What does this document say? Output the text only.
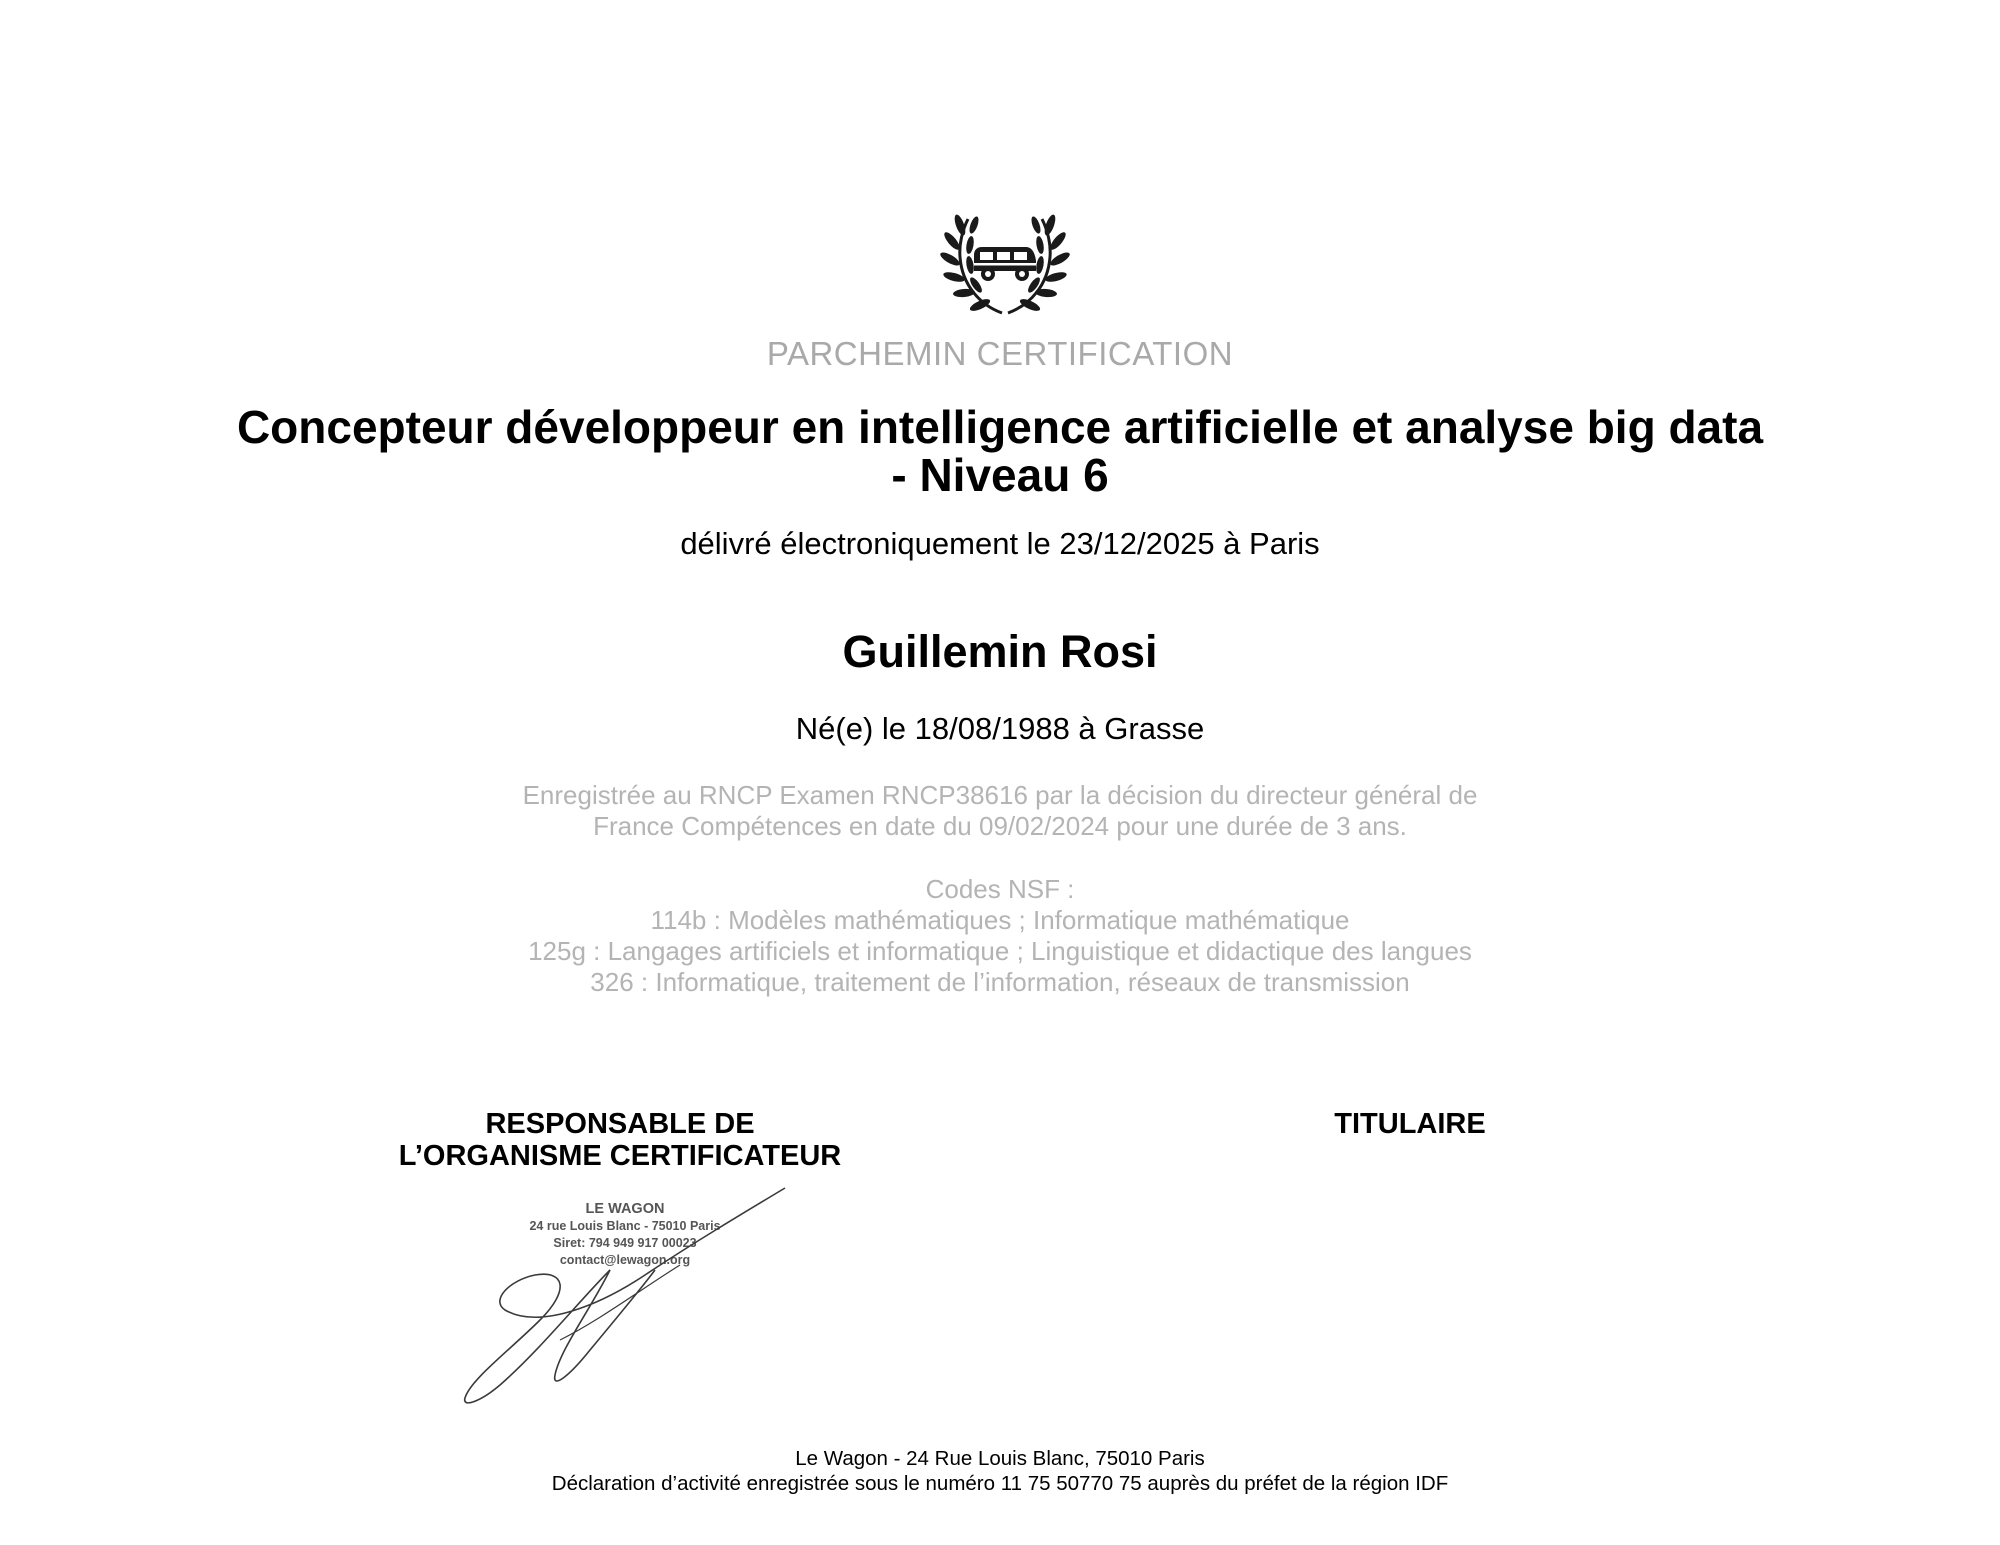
PARCHEMIN CERTIFICATION
Concepteur développeur en intelligence artificielle et analyse big data
- Niveau 6
délivré électroniquement le 23/12/2025 à Paris
Guillemin Rosi
Né(e) le 18/08/1988 à Grasse
Enregistrée au RNCP Examen RNCP38616 par la décision du directeur général de
France Compétences en date du 09/02/2024 pour une durée de 3 ans.
Codes NSF :
114b : Modèles mathématiques ; Informatique mathématique
125g : Langages artificiels et informatique ; Linguistique et didactique des langues
326 : Informatique, traitement de l’information, réseaux de transmission
RESPONSABLE DE
L’ORGANISME CERTIFICATEUR
TITULAIRE
LE WAGON
24 rue Louis Blanc - 75010 Paris
Siret: 794 949 917 00023
contact@lewagon.org
Le Wagon - 24 Rue Louis Blanc, 75010 Paris
Déclaration d’activité enregistrée sous le numéro 11 75 50770 75 auprès du préfet de la région IDF
